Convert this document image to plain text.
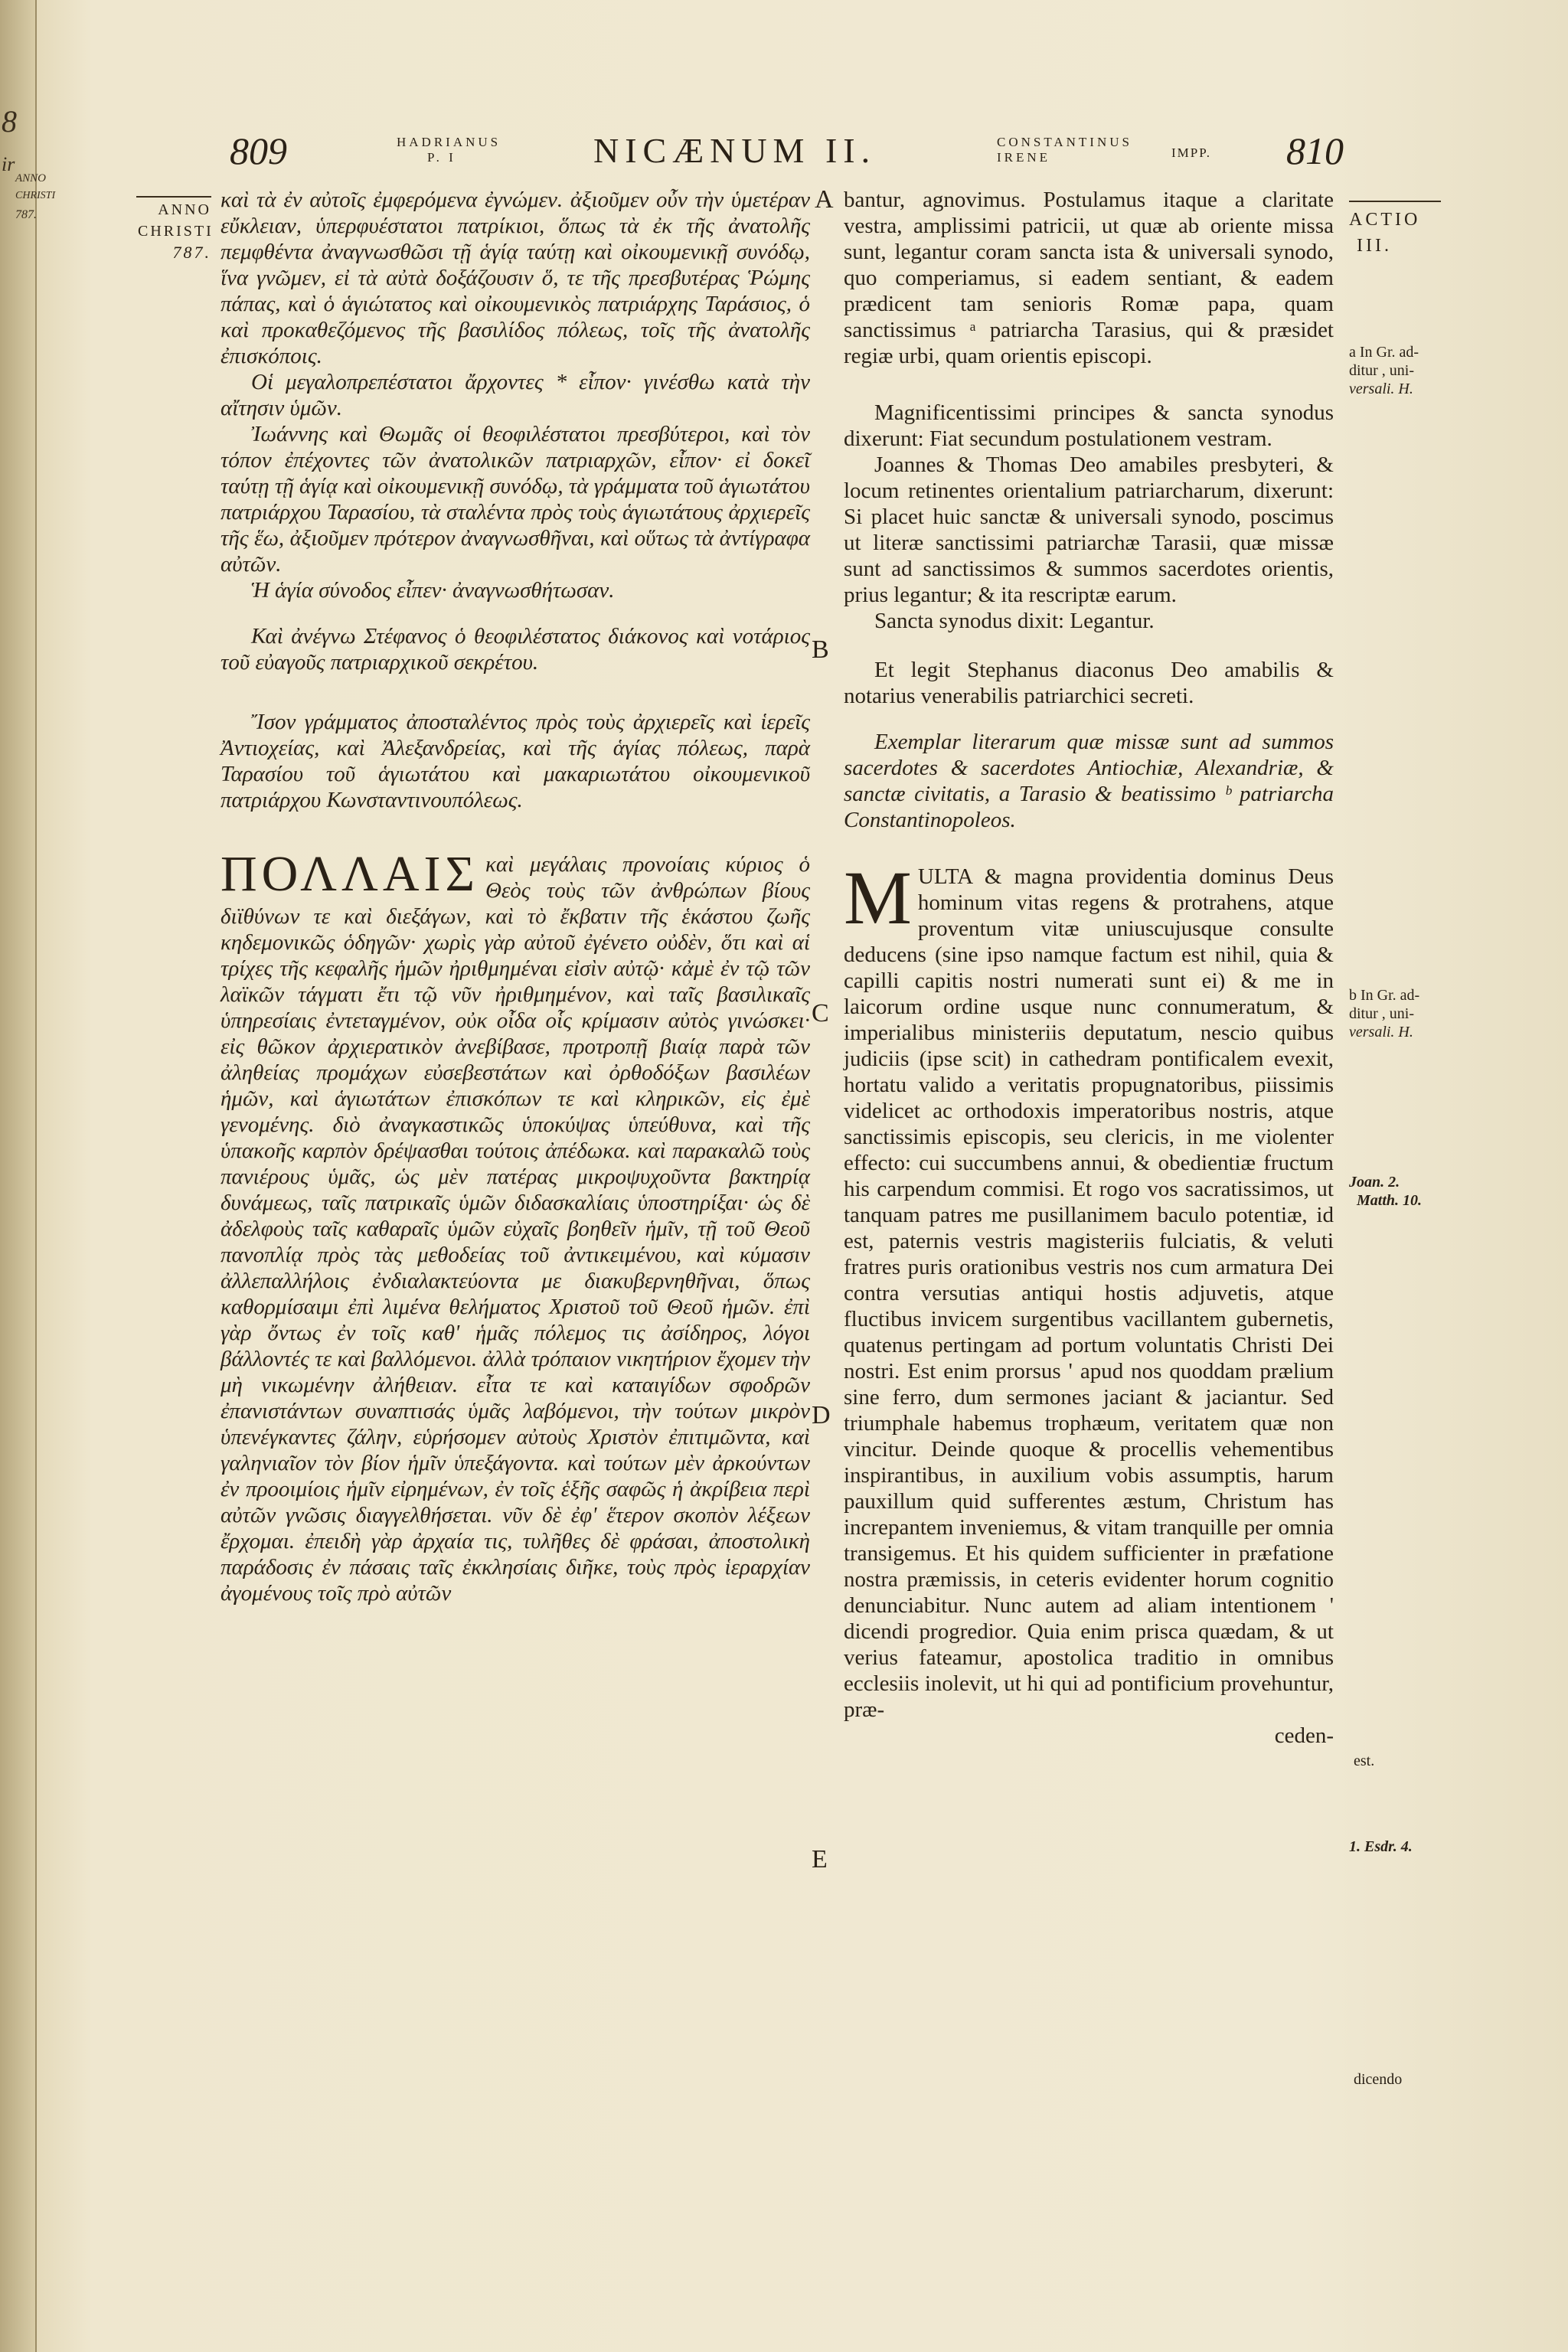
8
ir
ANNO
CHRISTI
787.
809	HADRIANUS
P. I	NICÆNUM II.	CONSTANTINUS
IRENE	IMPP. 810
ANNO
CHRISTI
787.
A
B
C
D
E

καὶ τὰ ἐν αὐτοῖς ἐμφερόμενα ἐγνώμεν. ἀξιοῦμεν οὖν τὴν ὑμετέραν εὔκλειαν, ὑπερφυέστατοι πατρίκιοι, ὅπως τὰ ἐκ τῆς ἀνατολῆς πεμφθέντα ἀναγνωσθῶσι τῇ ἁγίᾳ ταύτῃ καὶ οἰκουμενικῇ συνόδῳ, ἵνα γνῶμεν, εἰ τὰ αὐτὰ δοξάζουσιν ὅ, τε τῆς πρεσβυτέρας Ῥώμης πάπας, καὶ ὁ ἁγιώτατος καὶ οἰκουμενικὸς πατριάρχης Ταράσιος, ὁ καὶ προκαθεζόμενος τῆς βασιλίδος πόλεως, τοῖς τῆς ἀνατολῆς ἐπισκόποις.

Οἱ μεγαλοπρεπέστατοι ἄρχοντες * εἶπον· γινέσθω κατὰ τὴν αἴτησιν ὑμῶν.

Ἰωάννης καὶ Θωμᾶς οἱ θεοφιλέστατοι πρεσβύτεροι, καὶ τὸν τόπον ἐπέχοντες τῶν ἀνατολικῶν πατριαρχῶν, εἶπον· εἰ δοκεῖ ταύτῃ τῇ ἁγίᾳ καὶ οἰκουμενικῇ συνόδῳ, τὰ γράμματα τοῦ ἁγιωτάτου πατριάρχου Ταρασίου, τὰ σταλέντα πρὸς τοὺς ἁγιωτάτους ἀρχιερεῖς τῆς ἕω, ἀξιοῦμεν πρότερον ἀναγνωσθῆναι, καὶ οὕτως τὰ ἀντίγραφα αὐτῶν.

Ἡ ἁγία σύνοδος εἶπεν· ἀναγνωσθήτωσαν.

Καὶ ἀνέγνω Στέφανος ὁ θεοφιλέστατος διάκονος καὶ νοτάριος τοῦ εὐαγοῦς πατριαρχικοῦ σεκρέτου.

Ἴσον γράμματος ἀποσταλέντος πρὸς τοὺς ἀρχιερεῖς καὶ ἱερεῖς Ἀντιοχείας, καὶ Ἀλεξανδρείας, καὶ τῆς ἁγίας πόλεως, παρὰ Ταρασίου τοῦ ἁγιωτάτου καὶ μακαριωτάτου οἰκουμενικοῦ πατριάρχου Κωνσταντινουπόλεως.

ΠΟΛΛΑΙΣ καὶ μεγάλαις προνοίαις κύριος ὁ Θεὸς τοὺς τῶν ἀνθρώπων βίους διϊθύνων τε καὶ διεξάγων, καὶ τὸ ἔκβατιν τῆς ἑκάστου ζωῆς κηδεμονικῶς ὁδηγῶν· χωρὶς γὰρ αὐτοῦ ἐγένετο οὐδὲν, ὅτι καὶ αἱ τρίχες τῆς κεφαλῆς ἡμῶν ἠριθμημέναι εἰσὶν αὐτῷ· κἀμὲ ἐν τῷ τῶν λαϊκῶν τάγματι ἔτι τῷ νῦν ἠριθμημένον, καὶ ταῖς βασιλικαῖς ὑπηρεσίαις ἐντεταγμένον, οὐκ οἶδα οἷς κρίμασιν αὐτὸς γινώσκει· εἰς θῶκον ἀρχιερατικὸν ἀνεβίβασε, προτροπῇ βιαίᾳ παρὰ τῶν ἀληθείας προμάχων εὐσεβεστάτων καὶ ὀρθοδόξων βασιλέων ἡμῶν, καὶ ἁγιωτάτων ἐπισκόπων τε καὶ κληρικῶν, εἰς ἐμὲ γενομένης. διὸ ἀναγκαστικῶς ὑποκύψας ὑπεύθυνα, καὶ τῆς ὑπακοῆς καρπὸν δρέψασθαι τούτοις ἀπέδωκα. καὶ παρακαλῶ τοὺς πανιέρους ὑμᾶς, ὡς μὲν πατέρας μικροψυχοῦντα βακτηρίᾳ δυνάμεως, ταῖς πατρικαῖς ὑμῶν διδασκαλίαις ὑποστηρίξαι· ὡς δὲ ἀδελφοὺς ταῖς καθαραῖς ὑμῶν εὐχαῖς βοηθεῖν ἡμῖν, τῇ τοῦ Θεοῦ πανοπλίᾳ πρὸς τὰς μεθοδείας τοῦ ἀντικειμένου, καὶ κύμασιν ἀλλεπαλλήλοις ἐνδιαλακτεύοντα με διακυβερνηθῆναι, ὅπως καθορμίσαιμι ἐπὶ λιμένα θελήματος Χριστοῦ τοῦ Θεοῦ ἡμῶν. ἐπὶ γὰρ ὄντως ἐν τοῖς καθ' ἡμᾶς πόλεμος τις ἀσίδηρος, λόγοι βάλλοντές τε καὶ βαλλόμενοι. ἀλλὰ τρόπαιον νικητήριον ἔχομεν τὴν μὴ νικωμένην ἀλήθειαν. εἶτα τε καὶ καταιγίδων σφοδρῶν ἐπανιστάντων συναπτισάς ὑμᾶς λαβόμενοι, τὴν τούτων μικρὸν ὑπενέγκαντες ζάλην, εὑρήσομεν αὐτοὺς Χριστὸν ἐπιτιμῶντα, καὶ γαληνιαῖον τὸν βίον ἡμῖν ὑπεξάγοντα. καὶ τούτων μὲν ἀρκούντων ἐν προοιμίοις ἡμῖν εἰρημένων, ἐν τοῖς ἑξῆς σαφῶς ἡ ἀκρίβεια περὶ αὐτῶν γνῶσις διαγγελθήσεται. νῦν δὲ ἐφ' ἕτερον σκοπὸν λέξεων ἔρχομαι. ἐπειδὴ γὰρ ἀρχαία τις, τυλῆθες δὲ φράσαι, ἀποστολικὴ παράδοσις ἐν πάσαις ταῖς ἐκκλησίαις διῆκε, τοὺς πρὸς ἱεραρχίαν ἀγομένους τοῖς πρὸ αὐτῶν

bantur, agnovimus. Postulamus itaque a claritate vestra, amplissimi patricii, ut quæ ab oriente missa sunt, legantur coram sancta ista & universali synodo, quo comperiamus, si eadem sentiant, & eadem prædicent tam senioris Romæ papa, quam sanctissimus ᵃ patriarcha Tarasius, qui & præsidet regiæ urbi, quam orientis episcopi.

Magnificentissimi principes & sancta synodus dixerunt: Fiat secundum postulationem vestram.

Joannes & Thomas Deo amabiles presbyteri, & locum retinentes orientalium patriarcharum, dixerunt: Si placet huic sanctæ & universali synodo, poscimus ut literæ sanctissimi patriarchæ Tarasii, quæ missæ sunt ad sanctissimos & summos sacerdotes orientis, prius legantur; & ita rescriptæ earum.

Sancta synodus dixit: Legantur.

Et legit Stephanus diaconus Deo amabilis & notarius venerabilis patriarchici secreti.

Exemplar literarum quæ missæ sunt ad summos sacerdotes & sacerdotes Antiochiæ, Alexandriæ, & sanctæ civitatis, a Tarasio & beatissimo ᵇ patriarcha Constantinopoleos.

MULTA & magna providentia dominus Deus hominum vitas regens & protrahens, atque proventum vitæ uniuscujusque consulte deducens (sine ipso namque factum est nihil, quia & capilli capitis nostri numerati sunt ei) & me in laicorum ordine usque nunc connumeratum, & imperialibus ministeriis deputatum, nescio quibus judiciis (ipse scit) in cathedram pontificalem evexit, hortatu valido a veritatis propugnatoribus, piissimis videlicet ac orthodoxis imperatoribus nostris, atque sanctissimis episcopis, seu clericis, in me violenter effecto: cui succumbens annui, & obedientiæ fructum his carpendum commisi. Et rogo vos sacratissimos, ut tanquam patres me pusillanimem baculo potentiæ, id est, paternis vestris magisteriis fulciatis, & veluti fratres puris orationibus vestris nos cum armatura Dei contra versutias antiqui hostis adjuvetis, atque fluctibus invicem surgentibus vacillantem gubernetis, quatenus pertingam ad portum voluntatis Christi Dei nostri. Est enim prorsus ' apud nos quoddam prælium sine ferro, dum sermones jaciant & jaciantur. Sed triumphale habemus trophæum, veritatem quæ non vincitur. Deinde quoque & procellis vehementibus inspirantibus, in auxilium vobis assumptis, harum pauxillum quid sufferentes æstum, Christum has increpantem inveniemus, & vitam tranquille per omnia transigemus. Et his quidem sufficienter in præfatione nostra præmissis, in ceteris evidenter horum cognitio denunciabitur. Nunc autem ad aliam intentionem ' dicendi progredior. Quia enim prisca quædam, & ut verius fateamur, apostolica traditio in omnibus ecclesiis inolevit, ut hi qui ad pontificium provehuntur, præ-

ceden-

ACTIO
III.
a In Gr. ad-
ditur , uni-
versali. H.
b In Gr. ad-
ditur , uni-
versali. H.
Joan. 2.
Matth. 10.
est.
1. Esdr. 4.
dicendo
